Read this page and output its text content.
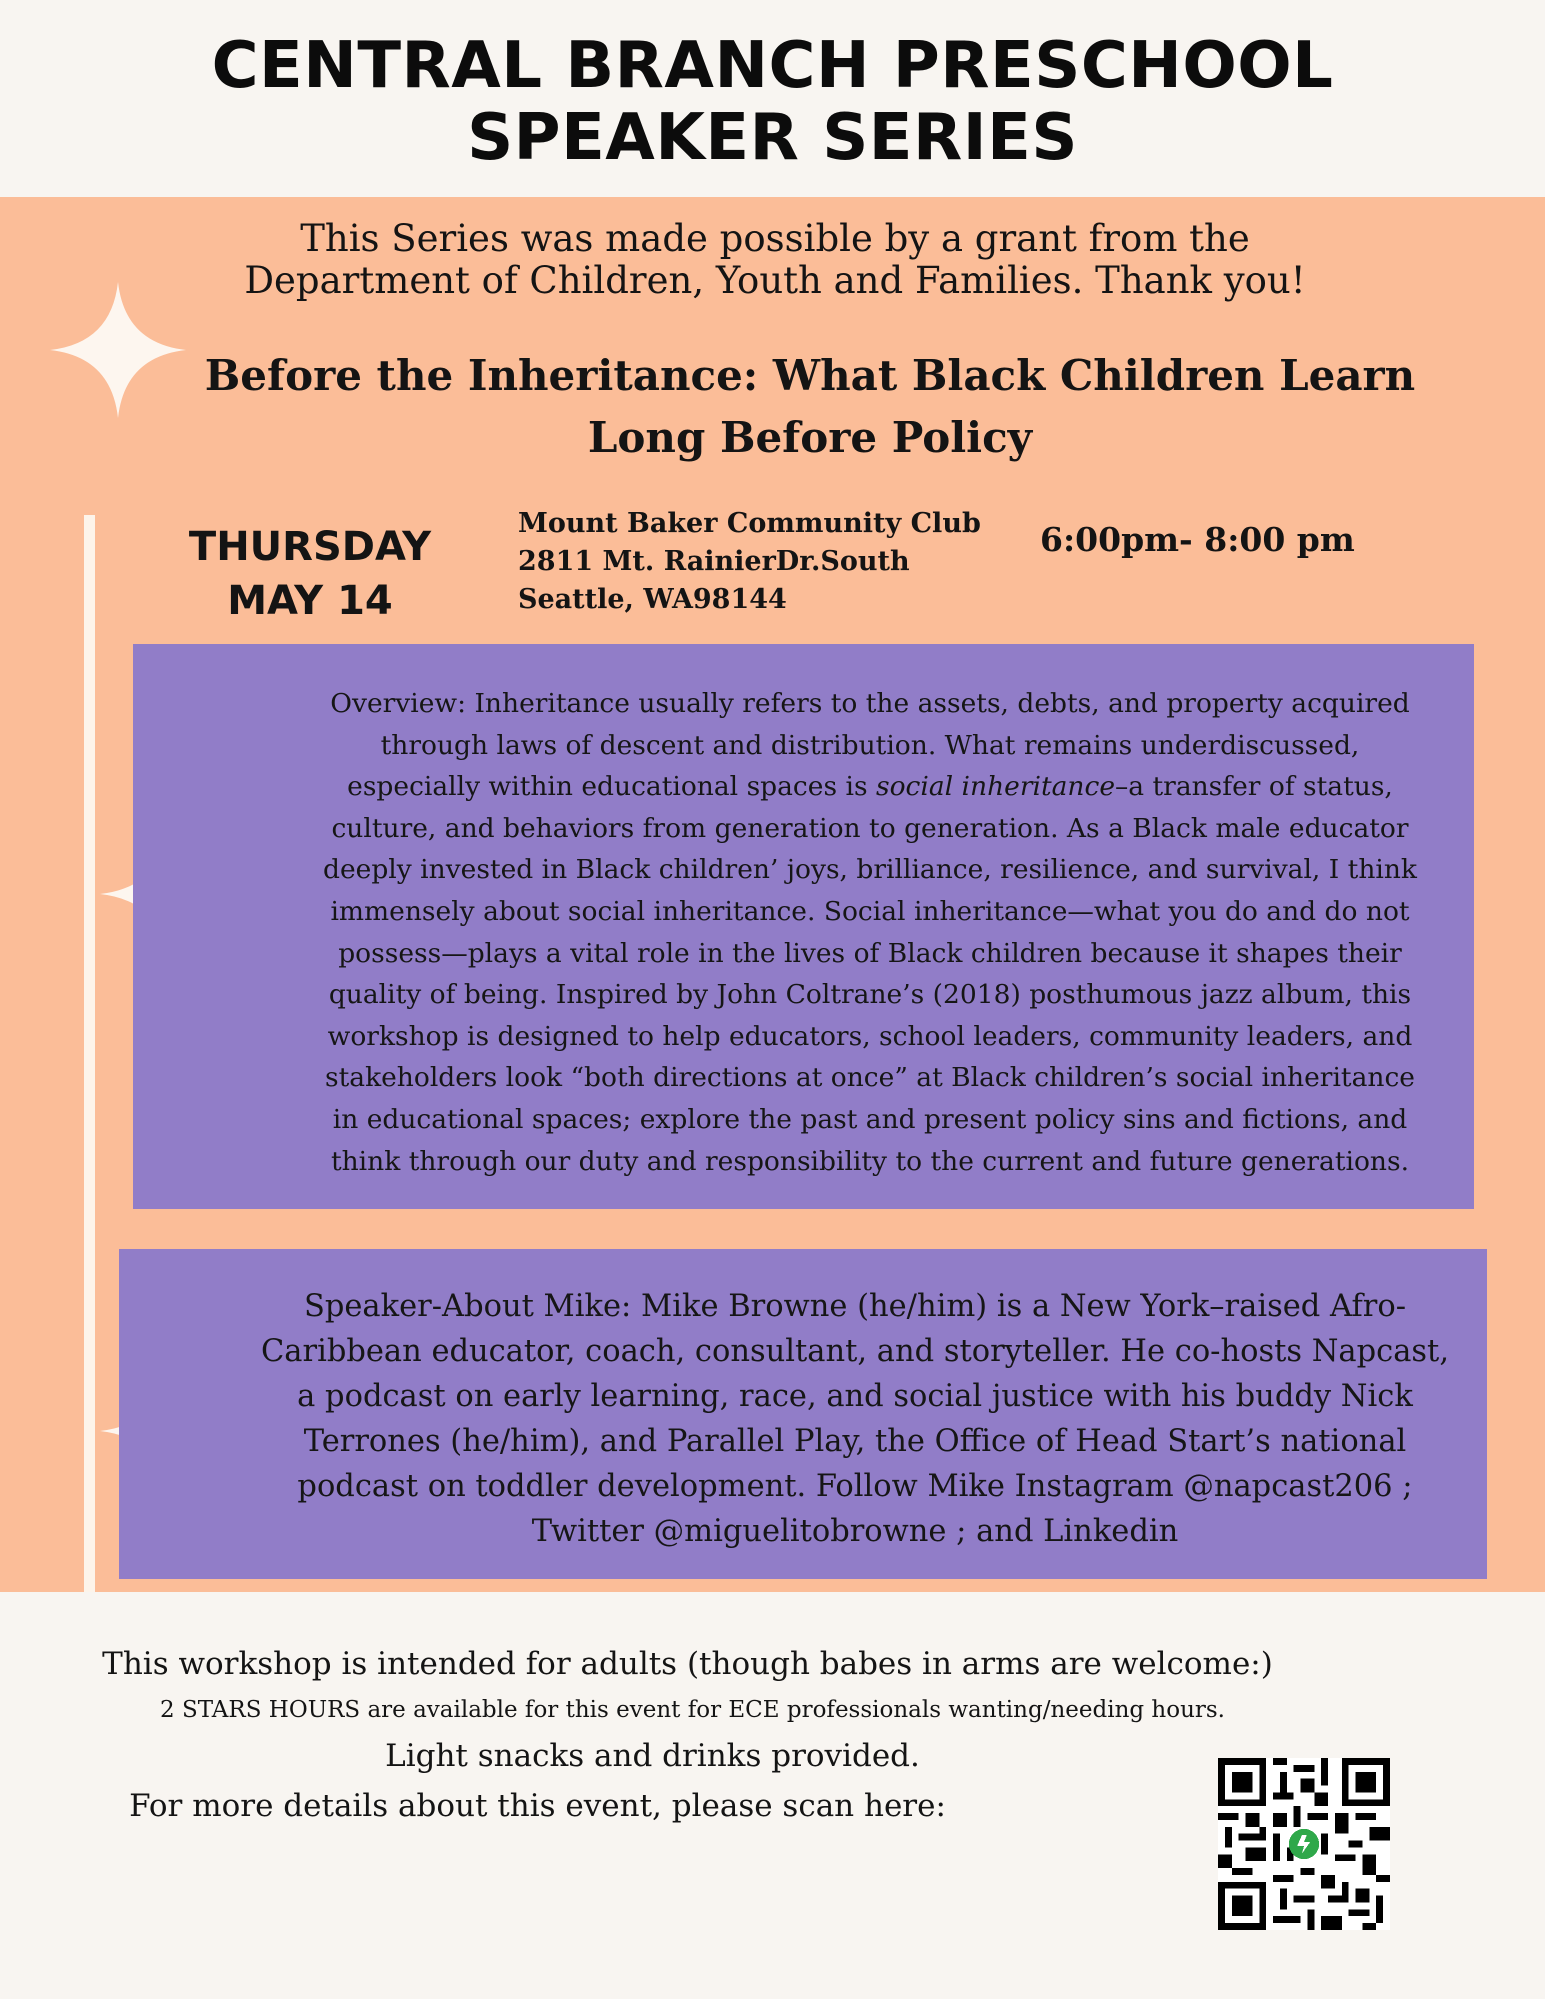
CENTRAL BRANCH PRESCHOOL
SPEAKER SERIES
This Series was made possible by a grant from the
Department of Children, Youth and Families. Thank you!
Before the Inheritance: What Black Children Learn
Long Before Policy
THURSDAY
MAY 14
Mount Baker Community Club
2811 Mt. RainierDr.South
Seattle, WA98144
6:00pm- 8:00 pm
Overview: Inheritance usually refers to the assets, debts, and property acquired
through laws of descent and distribution. What remains underdiscussed,
especially within educational spaces is social inheritance–a transfer of status,
culture, and behaviors from generation to generation. As a Black male educator
deeply invested in Black children’ joys, brilliance, resilience, and survival, I think
immensely about social inheritance. Social inheritance—what you do and do not
possess—plays a vital role in the lives of Black children because it shapes their
quality of being. Inspired by John Coltrane’s (2018) posthumous jazz album, this
workshop is designed to help educators, school leaders, community leaders, and
stakeholders look “both directions at once” at Black children’s social inheritance
in educational spaces; explore the past and present policy sins and fictions, and
think through our duty and responsibility to the current and future generations.
Speaker-About Mike: Mike Browne (he/him) is a New York–raised Afro-
Caribbean educator, coach, consultant, and storyteller. He co-hosts Napcast,
a podcast on early learning, race, and social justice with his buddy Nick
Terrones (he/him), and Parallel Play, the Office of Head Start’s national
podcast on toddler development. Follow Mike Instagram @napcast206 ;
Twitter @miguelitobrowne ; and Linkedin
This workshop is intended for adults (though babes in arms are welcome:)
2 STARS HOURS are available for this event for ECE professionals wanting/needing hours.
Light snacks and drinks provided.
For more details about this event, please scan here:
